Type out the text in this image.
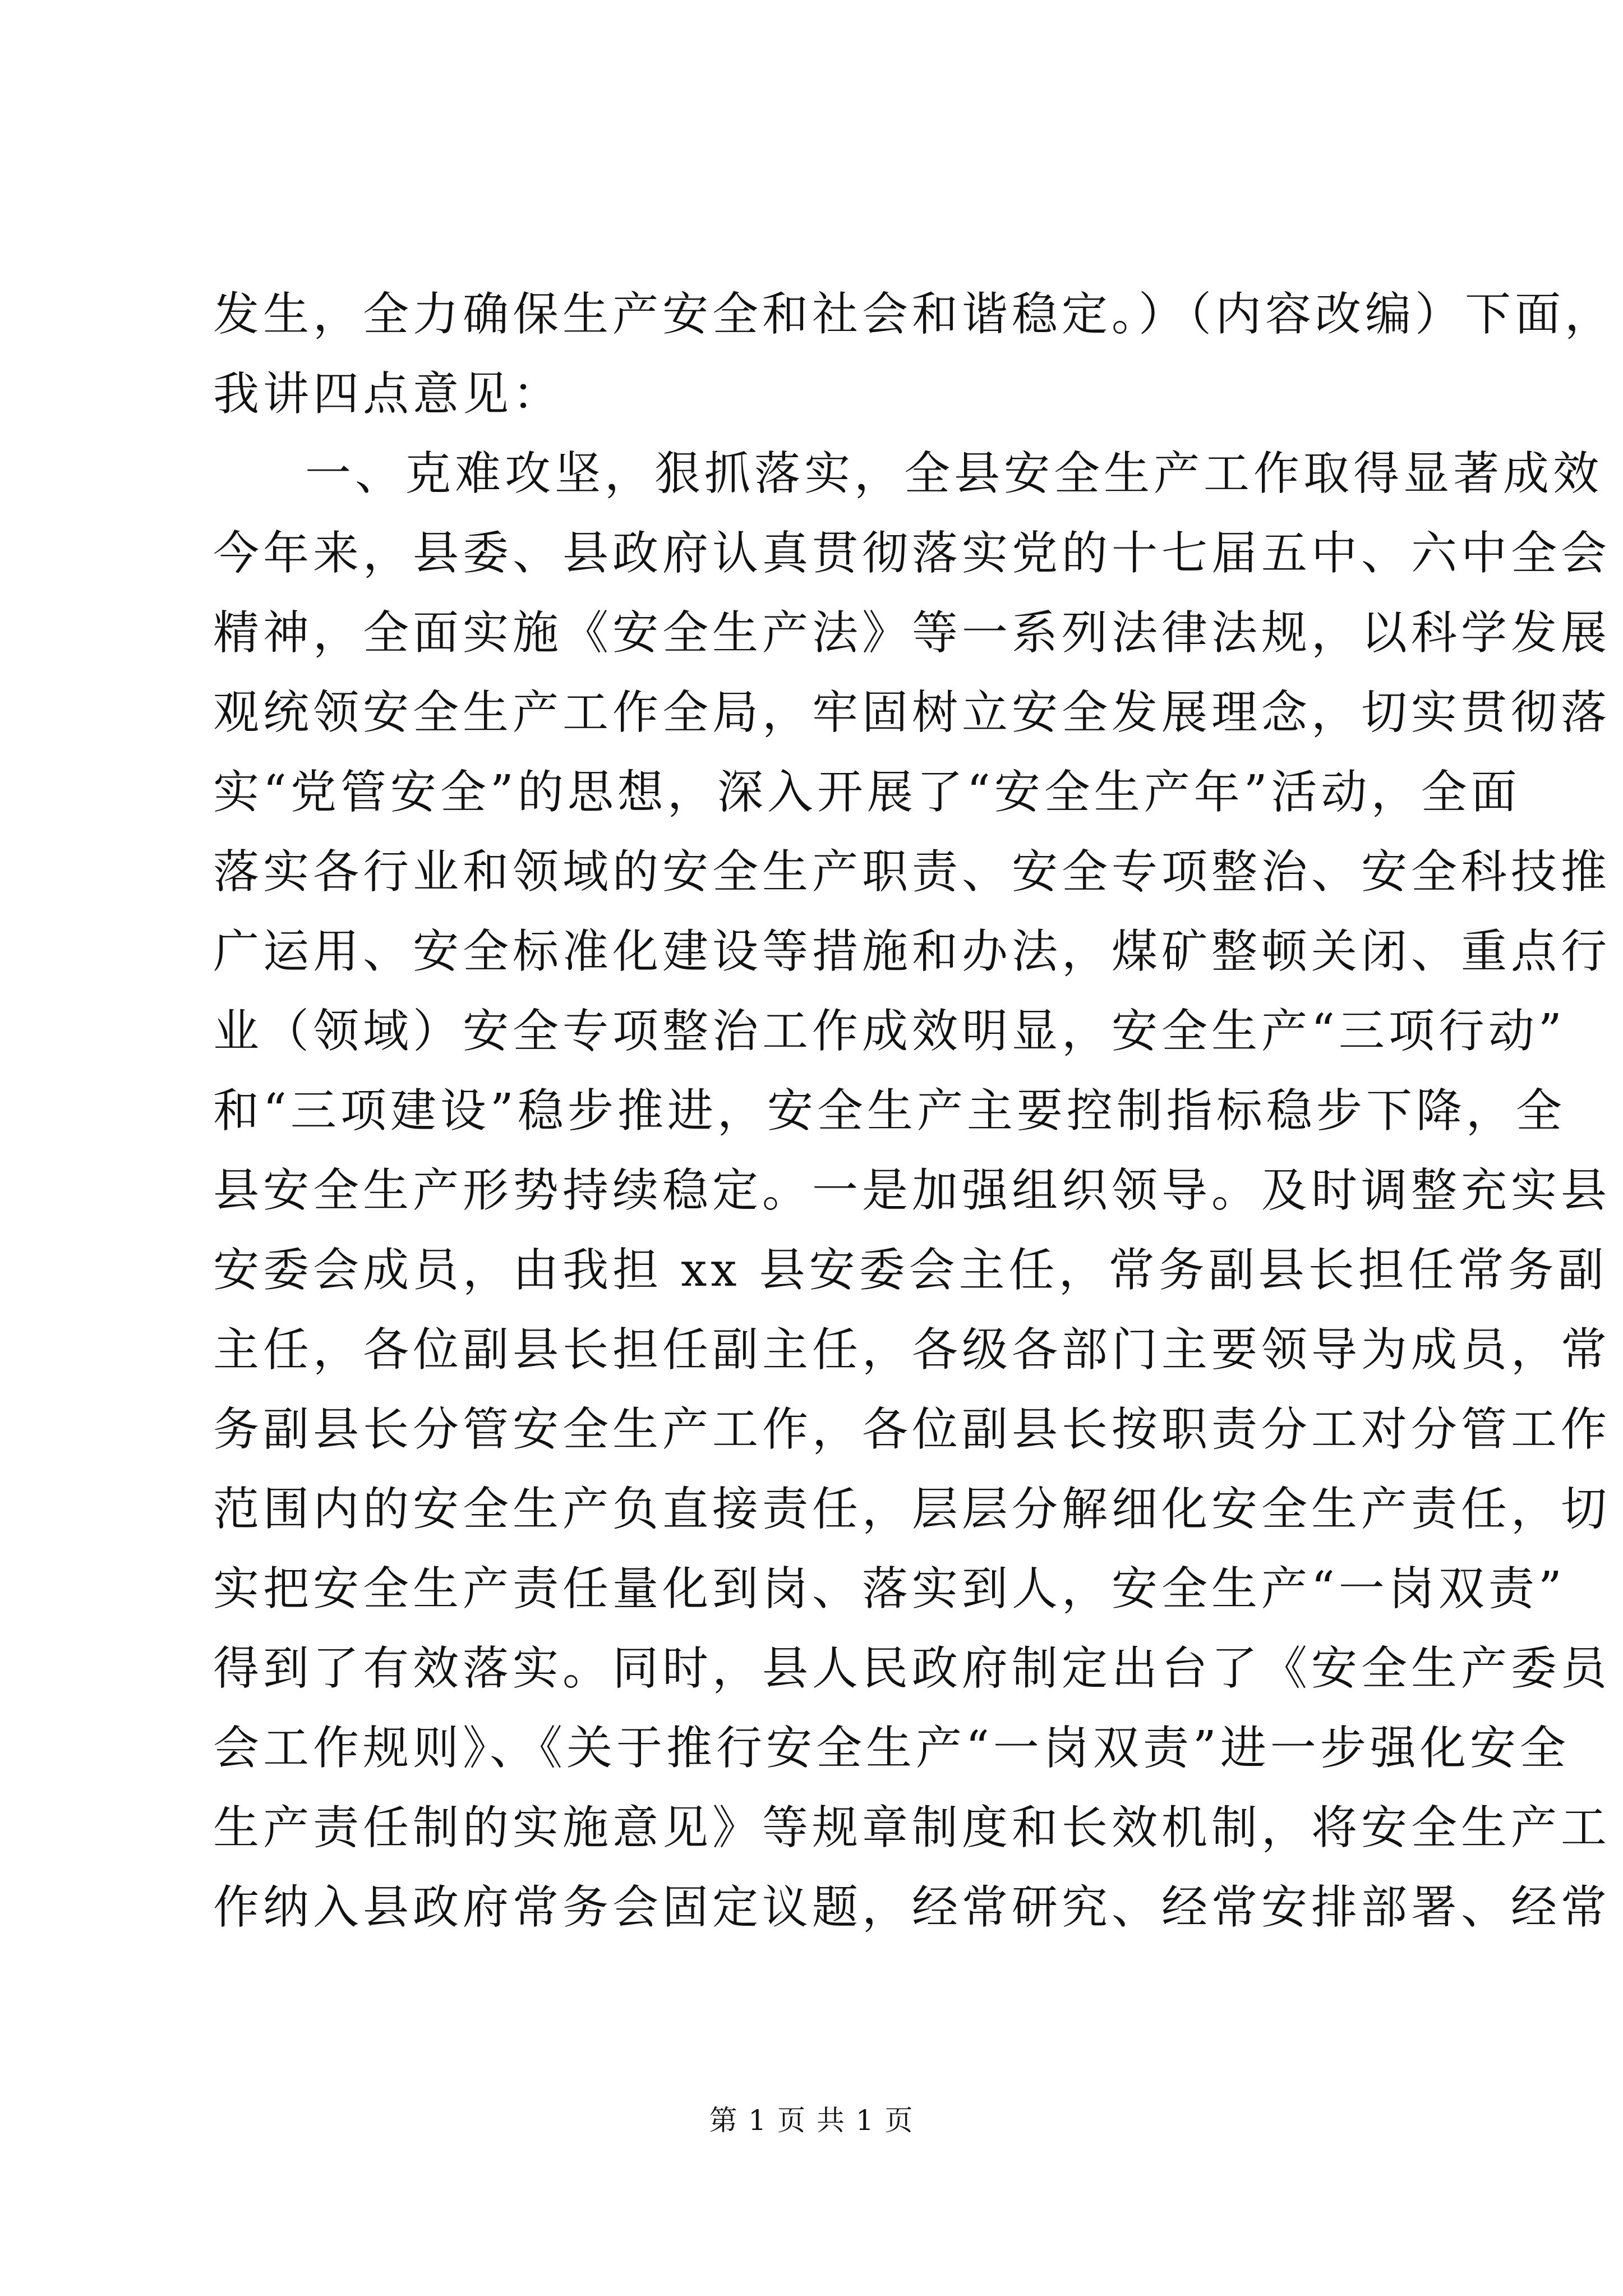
发生，全力确保生产安全和社会和谐稳定。）（内容改编）下面，
我讲四点意见：
一、克难攻坚，狠抓落实，全县安全生产工作取得显著成效
今年来，县委、县政府认真贯彻落实党的十七届五中、六中全会
精神，全面实施《安全生产法》等一系列法律法规，以科学发展
观统领安全生产工作全局，牢固树立安全发展理念，切实贯彻落
实“党管安全”的思想，深入开展了“安全生产年”活动，全面
落实各行业和领域的安全生产职责、安全专项整治、安全科技推
广运用、安全标准化建设等措施和办法，煤矿整顿关闭、重点行
业（领域）安全专项整治工作成效明显，安全生产“三项行动”
和“三项建设”稳步推进，安全生产主要控制指标稳步下降，全
县安全生产形势持续稳定。一是加强组织领导。及时调整充实县
安委会成员，由我担 xx 县安委会主任，常务副县长担任常务副
主任，各位副县长担任副主任，各级各部门主要领导为成员，常
务副县长分管安全生产工作，各位副县长按职责分工对分管工作
范围内的安全生产负直接责任，层层分解细化安全生产责任，切
实把安全生产责任量化到岗、落实到人，安全生产“一岗双责”
得到了有效落实。同时，县人民政府制定出台了《安全生产委员
会工作规则》、《关于推行安全生产“一岗双责”进一步强化安全
生产责任制的实施意见》等规章制度和长效机制，将安全生产工
作纳入县政府常务会固定议题，经常研究、经常安排部署、经常
第 1 页 共 1 页
